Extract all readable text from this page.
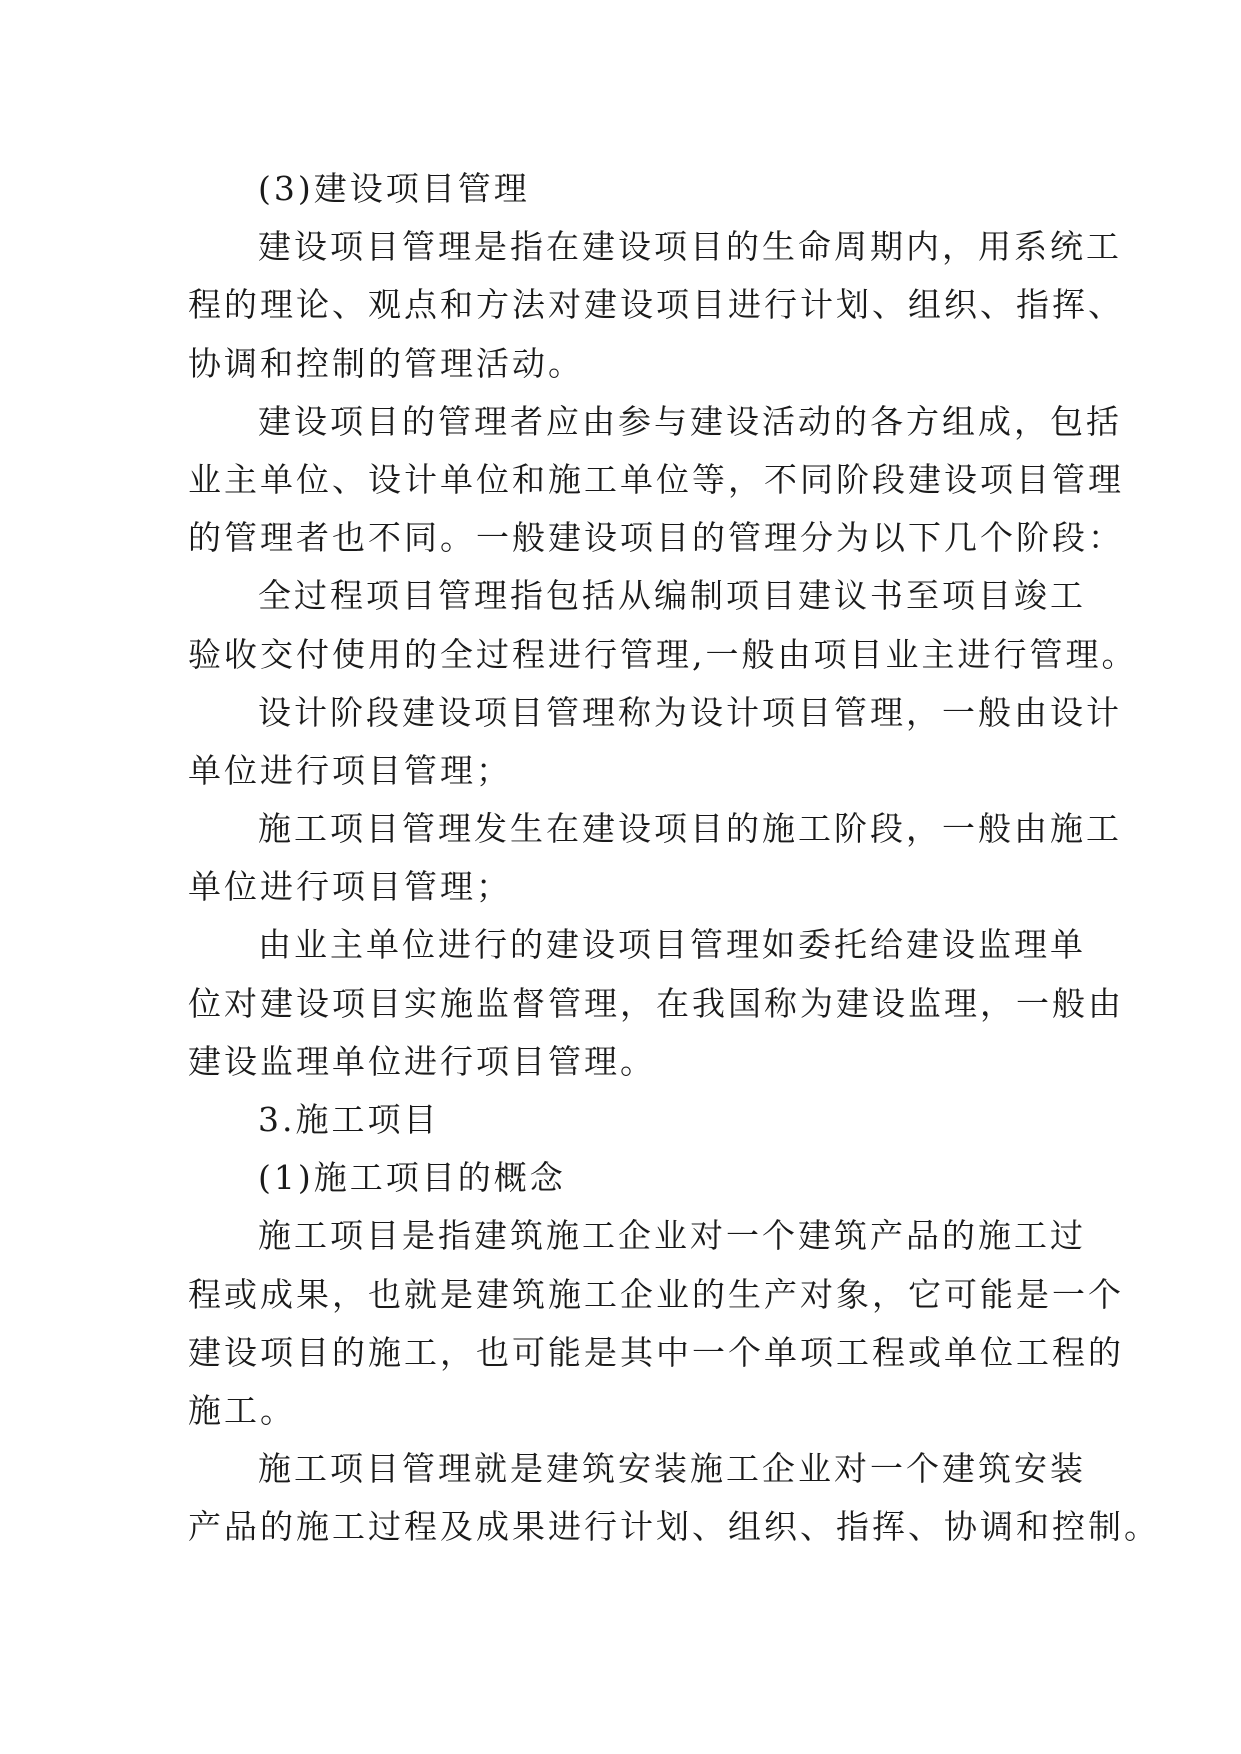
(3)建设项目管理
建设项目管理是指在建设项目的生命周期内，用系统工
程的理论、观点和方法对建设项目进行计划、组织、指挥、
协调和控制的管理活动。
建设项目的管理者应由参与建设活动的各方组成，包括
业主单位、设计单位和施工单位等，不同阶段建设项目管理
的管理者也不同。一般建设项目的管理分为以下几个阶段：
全过程项目管理指包括从编制项目建议书至项目竣工
验收交付使用的全过程进行管理,一般由项目业主进行管理。
设计阶段建设项目管理称为设计项目管理，一般由设计
单位进行项目管理；
施工项目管理发生在建设项目的施工阶段，一般由施工
单位进行项目管理；
由业主单位进行的建设项目管理如委托给建设监理单
位对建设项目实施监督管理，在我国称为建设监理，一般由
建设监理单位进行项目管理。
3.施工项目
(1)施工项目的概念
施工项目是指建筑施工企业对一个建筑产品的施工过
程或成果，也就是建筑施工企业的生产对象，它可能是一个
建设项目的施工，也可能是其中一个单项工程或单位工程的
施工。
施工项目管理就是建筑安装施工企业对一个建筑安装
产品的施工过程及成果进行计划、组织、指挥、协调和控制。
